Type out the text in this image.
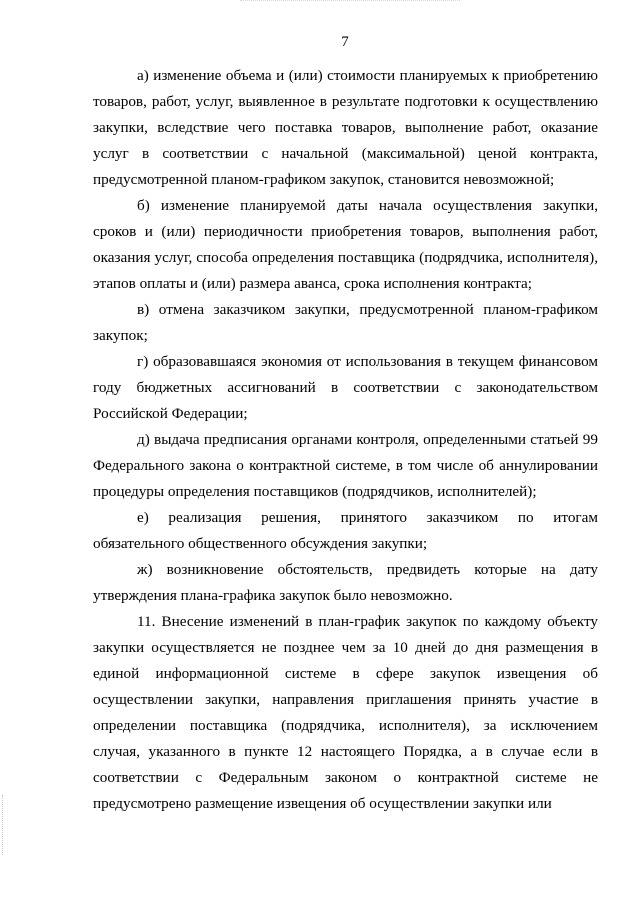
7

а) изменение объема и (или) стоимости планируемых к приобретению товаров, работ, услуг, выявленное в результате подготовки к осуществлению закупки, вследствие чего поставка товаров, выполнение работ, оказание услуг в соответствии с начальной (максимальной) ценой контракта, предусмотренной планом-графиком закупок, становится невозможной;

б) изменение планируемой даты начала осуществления закупки, сроков и (или) периодичности приобретения товаров, выполнения работ, оказания услуг, способа определения поставщика (подрядчика, исполнителя), этапов оплаты и (или) размера аванса, срока исполнения контракта;

в) отмена заказчиком закупки, предусмотренной планом-графиком закупок;

г) образовавшаяся экономия от использования в текущем финансовом году бюджетных ассигнований в соответствии с законодательством Российской Федерации;

д) выдача предписания органами контроля, определенными статьей 99 Федерального закона о контрактной системе, в том числе об аннулировании процедуры определения поставщиков (подрядчиков, исполнителей);

е) реализация решения, принятого заказчиком по итогам обязательного общественного обсуждения закупки;

ж) возникновение обстоятельств, предвидеть которые на дату утверждения плана-графика закупок было невозможно.

11. Внесение изменений в план-график закупок по каждому объекту закупки осуществляется не позднее чем за 10 дней до дня размещения в единой информационной системе в сфере закупок извещения об осуществлении закупки, направления приглашения принять участие в определении поставщика (подрядчика, исполнителя), за исключением случая, указанного в пункте 12 настоящего Порядка, а в случае если в соответствии с Федеральным законом о контрактной системе не предусмотрено размещение извещения об осуществлении закупки или
